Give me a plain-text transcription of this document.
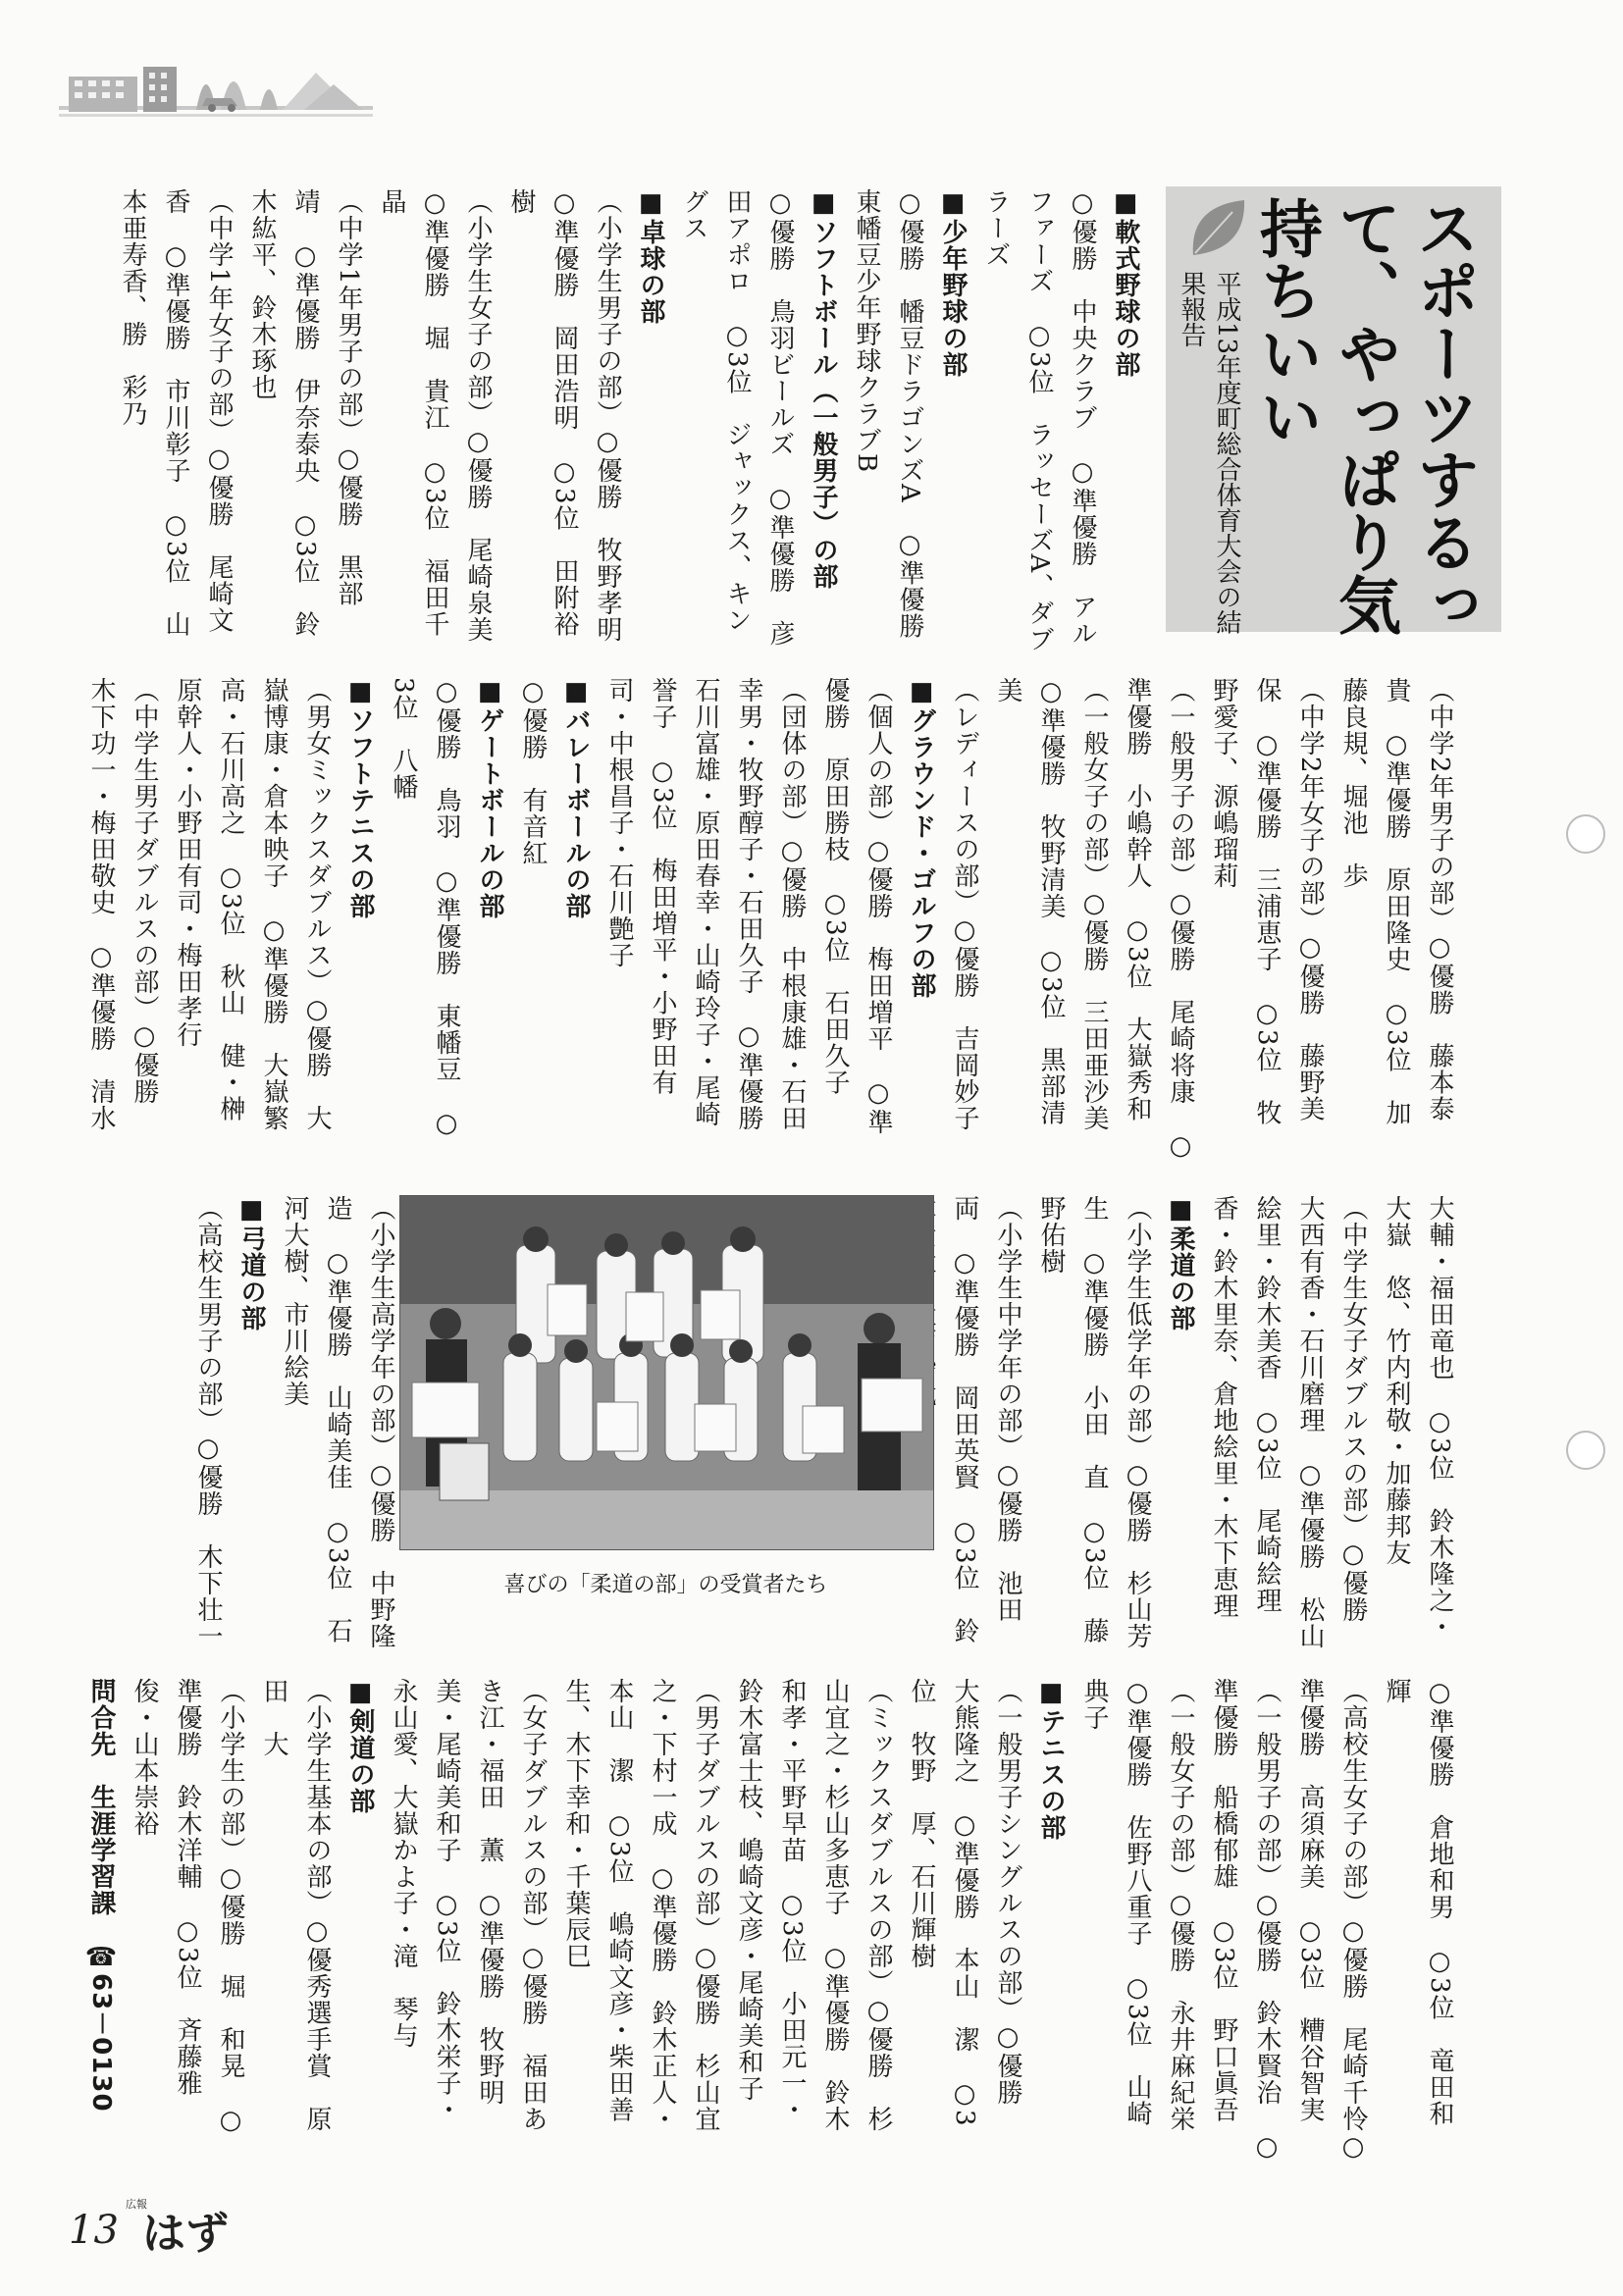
スポーツするっ
て、やっぱり気
持ちいい
平成13年度町総合体育大会の結
果報告
■軟式野球の部
○優勝　中央クラブ　○準優勝　アル
ファーズ　○3位　ラッセーズA、ダブ
ラーズ
■少年野球の部
○優勝　幡豆ドラゴンズA　○準優勝
東幡豆少年野球クラブB
■ソフトボール（一般男子）の部
○優勝　鳥羽ビールズ　○準優勝　彦
田アポロ　○3位　ジャックス、キン
グス
■卓球の部
（小学生男子の部）○優勝　牧野孝明
○準優勝　岡田浩明　○3位　田附裕
樹
（小学生女子の部）○優勝　尾崎泉美
○準優勝　堀　貴江　○3位　福田千
晶
（中学1年男子の部）○優勝　黒部
靖　○準優勝　伊奈泰央　○3位　鈴
木紘平、鈴木琢也
（中学1年女子の部）○優勝　尾崎文
香　○準優勝　市川彰子　○3位　山
本亜寿香、勝　彩乃
（中学2年男子の部）○優勝　藤本泰
貴　○準優勝　原田隆史　○3位　加
藤良規、堀池　歩
（中学2年女子の部）○優勝　藤野美
保　○準優勝　三浦恵子　○3位　牧
野愛子、源嶋瑠莉
（一般男子の部）○優勝　尾崎将康　○
準優勝　小嶋幹人　○3位　大嶽秀和
（一般女子の部）○優勝　三田亜沙美
○準優勝　牧野清美　○3位　黒部清
美
（レディースの部）○優勝　吉岡妙子
■グラウンド・ゴルフの部
（個人の部）○優勝　梅田増平　○準
優勝　原田勝枝　○3位　石田久子
（団体の部）○優勝　中根康雄・石田
幸男・牧野醇子・石田久子　○準優勝
石川富雄・原田春幸・山崎玲子・尾崎
誉子　○3位　梅田増平・小野田有
司・中根昌子・石川艶子
■バレーボールの部
○優勝　有音紅
■ゲートボールの部
○優勝　鳥羽　○準優勝　東幡豆　○
3位　八幡
■ソフトテニスの部
（男女ミックスダブルス）○優勝　大
嶽博康・倉本映子　○準優勝　大嶽繁
高・石川高之　○3位　秋山　健・榊
原幹人・小野田有司・梅田孝行
（中学生男子ダブルスの部）○優勝
木下功一・梅田敬史　○準優勝　清水
大輔・福田竜也　○3位　鈴木隆之・
大嶽　悠、竹内利敬・加藤邦友
（中学生女子ダブルスの部）○優勝
大西有香・石川磨理　○準優勝　松山
絵里・鈴木美香　○3位　尾崎絵理
香・鈴木里奈、倉地絵里・木下恵理
■柔道の部
（小学生低学年の部）○優勝　杉山芳
生　○準優勝　小田　直　○3位　藤
野佑樹
（小学生中学年の部）○優勝　池田
両　○準優勝　岡田英賢　○3位　鈴

（小学生高学年の部）○優勝　中野隆
造　○準優勝　山崎美佳　○3位　石
河大樹、市川絵美
■弓道の部
（高校生男子の部）○優勝　木下壮一
○準優勝　倉地和男　○3位　竜田和
輝
（高校生女子の部）○優勝　尾崎千怜○
準優勝　高須麻美　○3位　糟谷智実
（一般男子の部）○優勝　鈴木賢治　○
準優勝　船橋郁雄　○3位　野口眞吾
（一般女子の部）○優勝　永井麻紀栄
○準優勝　佐野八重子　○3位　山崎
典子
■テニスの部
（一般男子シングルスの部）○優勝
大熊隆之　○準優勝　本山　潔　○3
位　牧野　厚、石川輝樹
（ミックスダブルスの部）○優勝　杉
山宜之・杉山多恵子　○準優勝　鈴木
和孝・平野早苗　○3位　小田元一・
鈴木富士枝、嶋崎文彦・尾崎美和子
（男子ダブルスの部）○優勝　杉山宜
之・下村一成　○準優勝　鈴木正人・
本山　潔　○3位　嶋崎文彦・柴田善
生、木下幸和・千葉辰巳
（女子ダブルスの部）○優勝　福田あ
き江・福田　薫　○準優勝　牧野明
美・尾崎美和子　○3位　鈴木栄子・
永山愛、大嶽かよ子・滝　琴与
■剣道の部
（小学生基本の部）○優秀選手賞　原
田　大
（小学生の部）○優勝　堀　和晃　○
準優勝　鈴木洋輔　○3位　斉藤雅
俊・山本崇裕
問合先　生涯学習課　☎63－0130
喜びの「柔道の部」の受賞者たち
13
広報
はず
